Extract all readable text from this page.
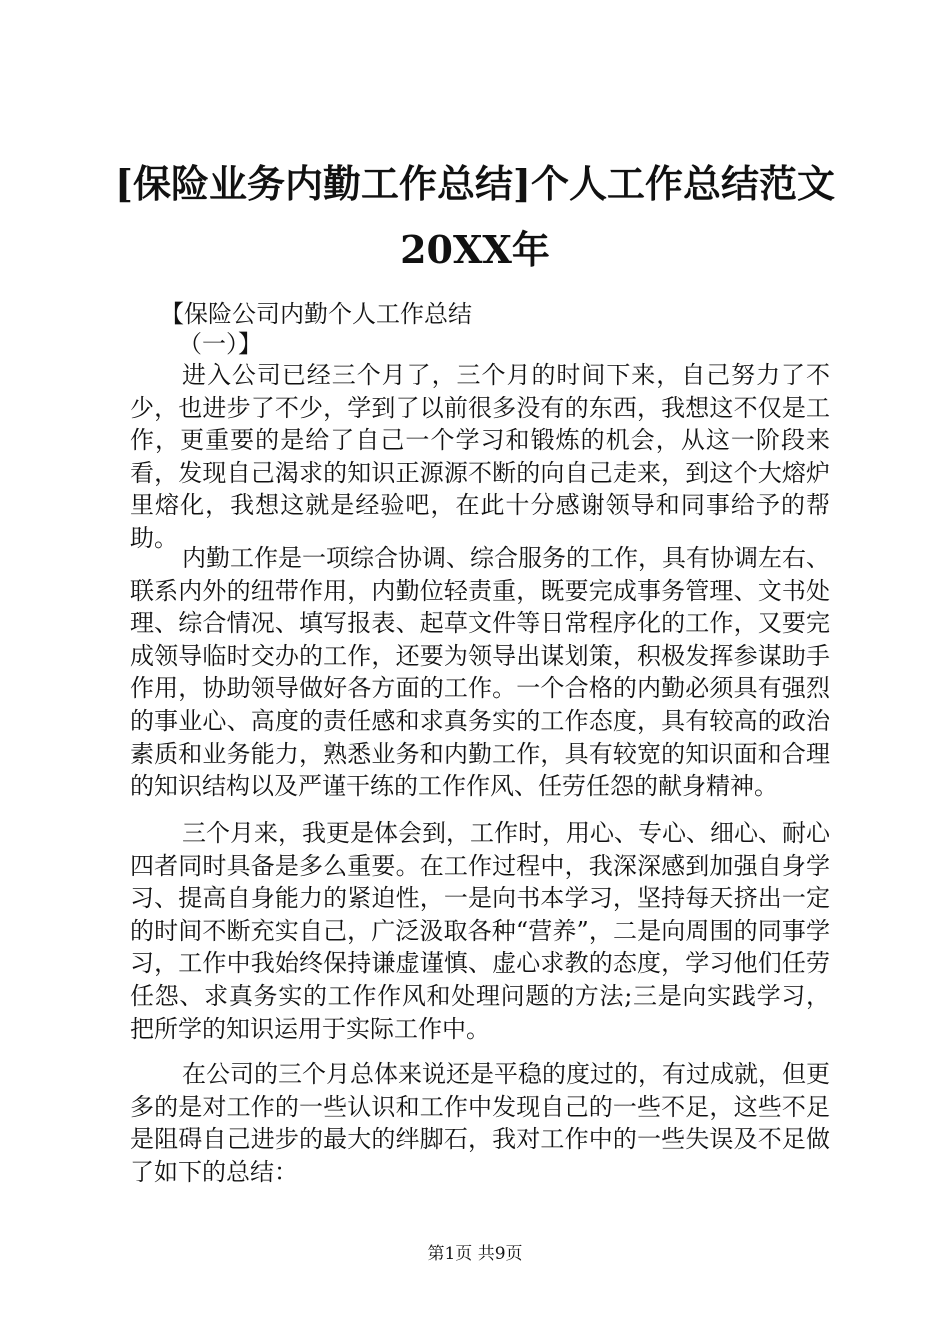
[保险业务内勤工作总结]个人工作总结范文
20XX年

【保险公司内勤个人工作总结

（一）】

进入公司已经三个月了，三个月的时间下来，自己努力了不少，也进步了不少，学到了以前很多没有的东西，我想这不仅是工作，更重要的是给了自己一个学习和锻炼的机会，从这一阶段来看，发现自己渴求的知识正源源不断的向自己走来，到这个大熔炉里熔化，我想这就是经验吧，在此十分感谢领导和同事给予的帮助。

内勤工作是一项综合协调、综合服务的工作，具有协调左右、联系内外的纽带作用，内勤位轻责重，既要完成事务管理、文书处理、综合情况、填写报表、起草文件等日常程序化的工作，又要完成领导临时交办的工作，还要为领导出谋划策，积极发挥参谋助手作用，协助领导做好各方面的工作。一个合格的内勤必须具有强烈的事业心、高度的责任感和求真务实的工作态度，具有较高的政治素质和业务能力，熟悉业务和内勤工作，具有较宽的知识面和合理的知识结构以及严谨干练的工作作风、任劳任怨的献身精神。

三个月来，我更是体会到，工作时，用心、专心、细心、耐心四者同时具备是多么重要。在工作过程中，我深深感到加强自身学习、提高自身能力的紧迫性，一是向书本学习，坚持每天挤出一定的时间不断充实自己，广泛汲取各种“营养”，二是向周围的同事学习，工作中我始终保持谦虚谨慎、虚心求教的态度，学习他们任劳任怨、求真务实的工作作风和处理问题的方法;三是向实践学习，把所学的知识运用于实际工作中。

在公司的三个月总体来说还是平稳的度过的，有过成就，但更多的是对工作的一些认识和工作中发现自己的一些不足，这些不足是阻碍自己进步的最大的绊脚石，我对工作中的一些失误及不足做了如下的总结：

第1页 共9页
